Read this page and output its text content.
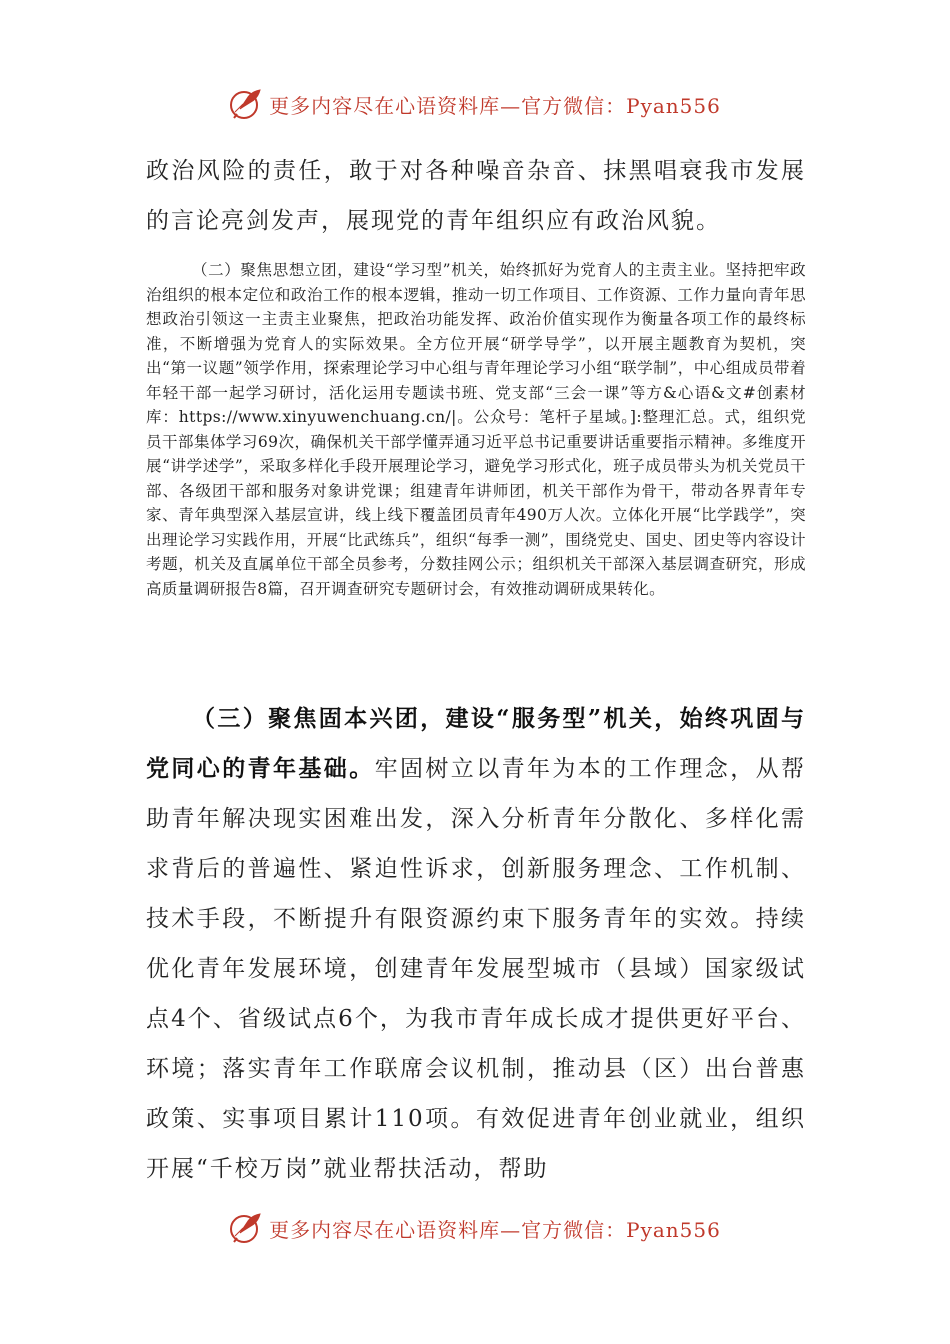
更多内容尽在心语资料库—官方微信：Pyan556

政治风险的责任，敢于对各种噪音杂音、抹黑唱衰我市发展的言论亮剑发声，展现党的青年组织应有政治风貌。

（二）聚焦思想立团，建设“学习型”机关，始终抓好为党育人的主责主业。坚持把牢政治组织的根本定位和政治工作的根本逻辑，推动一切工作项目、工作资源、工作力量向青年思想政治引领这一主责主业聚焦，把政治功能发挥、政治价值实现作为衡量各项工作的最终标准，不断增强为党育人的实际效果。全方位开展“研学导学”，以开展主题教育为契机，突出“第一议题”领学作用，探索理论学习中心组与青年理论学习小组“联学制”，中心组成员带着年轻干部一起学习研讨，活化运用专题读书班、党支部“三会一课”等方&心语&文#创素材库：https://www.xinyuwenchuang.cn/|。公众号：笔杆子星域。]:整理汇总。式，组织党员干部集体学习69次，确保机关干部学懂弄通习近平总书记重要讲话重要指示精神。多维度开展“讲学述学”，采取多样化手段开展理论学习，避免学习形式化，班子成员带头为机关党员干部、各级团干部和服务对象讲党课；组建青年讲师团，机关干部作为骨干，带动各界青年专家、青年典型深入基层宣讲，线上线下覆盖团员青年490万人次。立体化开展“比学践学”，突出理论学习实践作用，开展“比武练兵”，组织“每季一测”，围绕党史、国史、团史等内容设计考题，机关及直属单位干部全员参考，分数挂网公示；组织机关干部深入基层调查研究，形成高质量调研报告8篇，召开调查研究专题研讨会，有效推动调研成果转化。

（三）聚焦固本兴团，建设“服务型”机关，始终巩固与党同心的青年基础。牢固树立以青年为本的工作理念，从帮助青年解决现实困难出发，深入分析青年分散化、多样化需求背后的普遍性、紧迫性诉求，创新服务理念、工作机制、技术手段，不断提升有限资源约束下服务青年的实效。持续优化青年发展环境，创建青年发展型城市（县域）国家级试点4个、省级试点6个，为我市青年成长成才提供更好平台、环境；落实青年工作联席会议机制，推动县（区）出台普惠政策、实事项目累计110项。有效促进青年创业就业，组织开展“千校万岗”就业帮扶活动，帮助

更多内容尽在心语资料库—官方微信：Pyan556
